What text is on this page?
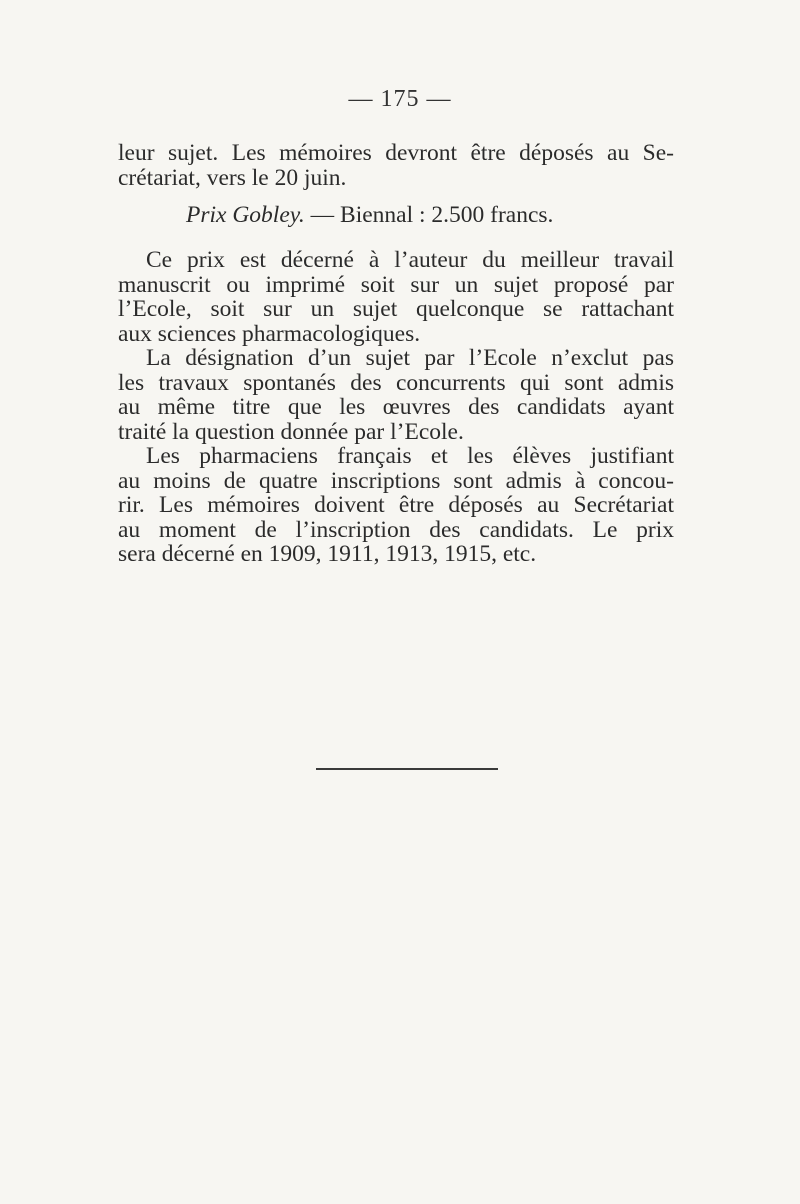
— 175 —
leur sujet. Les mémoires devront être déposés au Se-
crétariat, vers le 20 juin.
Prix Gobley. — Biennal : 2.500 francs.
Ce prix est décerné à l’auteur du meilleur travail
manuscrit ou imprimé soit sur un sujet proposé par
l’Ecole, soit sur un sujet quelconque se rattachant
aux sciences pharmacologiques.
La désignation d’un sujet par l’Ecole n’exclut pas
les travaux spontanés des concurrents qui sont admis
au même titre que les œuvres des candidats ayant
traité la question donnée par l’Ecole.
Les pharmaciens français et les élèves justifiant
au moins de quatre inscriptions sont admis à concou-
rir. Les mémoires doivent être déposés au Secrétariat
au moment de l’inscription des candidats. Le prix
sera décerné en 1909, 1911, 1913, 1915, etc.
